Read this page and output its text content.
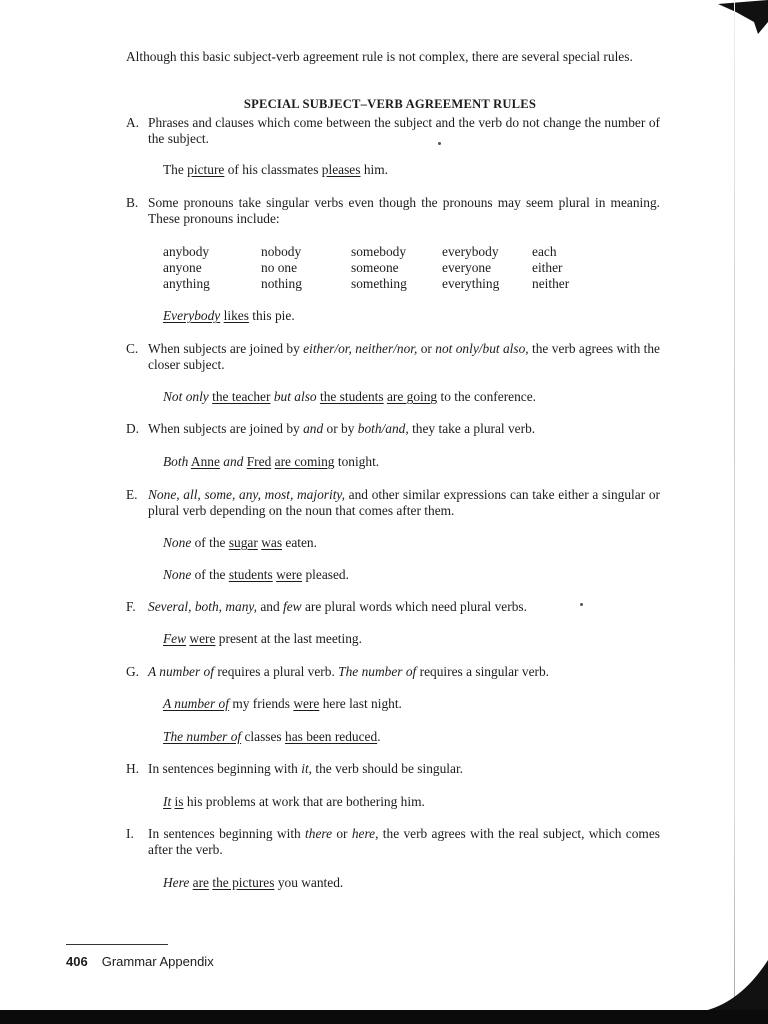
Although this basic subject-verb agreement rule is not complex, there are several special rules.
SPECIAL SUBJECT–VERB AGREEMENT RULES
A. Phrases and clauses which come between the subject and the verb do not change the number of the subject.
The picture of his classmates pleases him.
B. Some pronouns take singular verbs even though the pronouns may seem plural in meaning. These pronouns include:
anybody	nobody	somebody	everybody	each
anyone	no one	someone	everyone	either
anything	nothing	something	everything	neither
Everybody likes this pie.
C. When subjects are joined by either/or, neither/nor, or not only/but also, the verb agrees with the closer subject.
Not only the teacher but also the students are going to the conference.
D. When subjects are joined by and or by both/and, they take a plural verb.
Both Anne and Fred are coming tonight.
E. None, all, some, any, most, majority, and other similar expressions can take either a singular or plural verb depending on the noun that comes after them.
None of the sugar was eaten.
None of the students were pleased.
F. Several, both, many, and few are plural words which need plural verbs.
Few were present at the last meeting.
G. A number of requires a plural verb. The number of requires a singular verb.
A number of my friends were here last night.
The number of classes has been reduced.
H. In sentences beginning with it, the verb should be singular.
It is his problems at work that are bothering him.
I.	In sentences beginning with there or here, the verb agrees with the real subject, which comes after the verb.
Here are the pictures you wanted.
406 Grammar Appendix
